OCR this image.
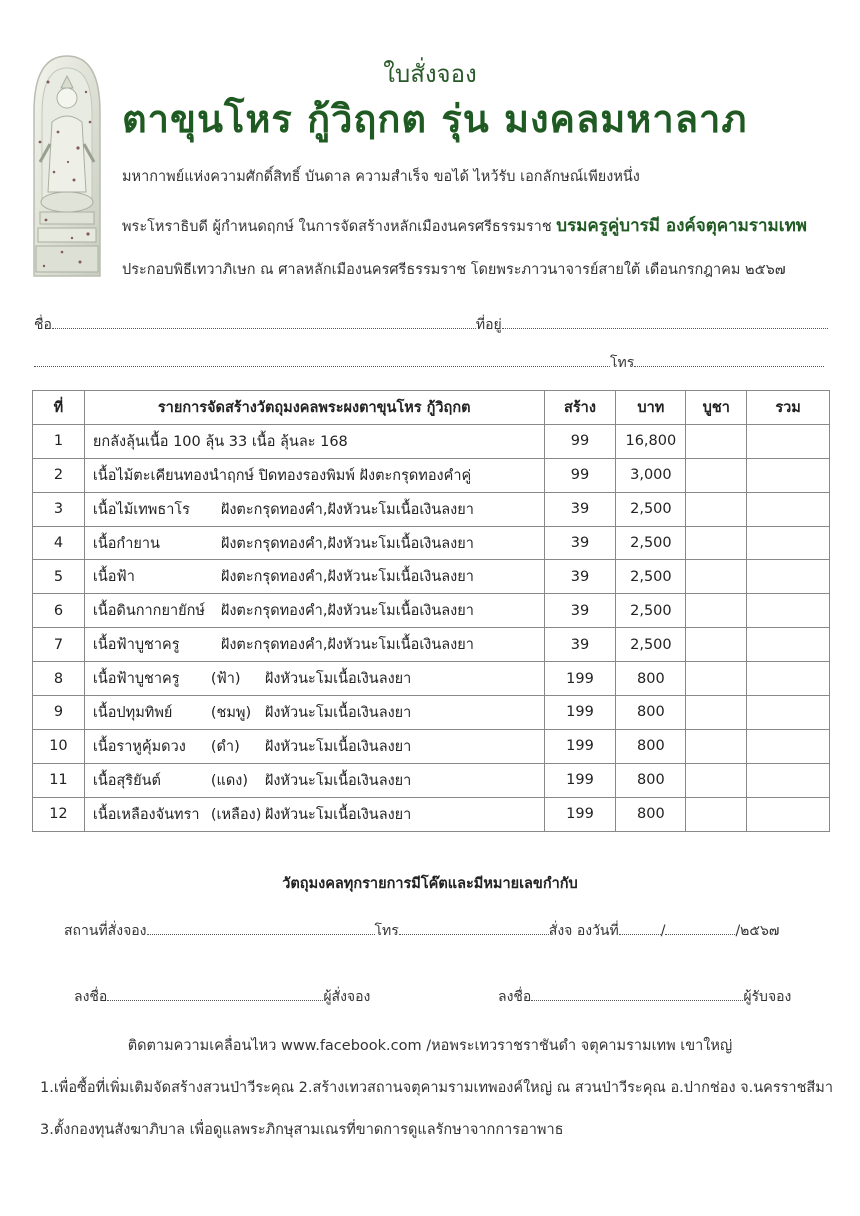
ใบสั่งจอง
ตาขุนโหร กู้วิฤกต รุ่น มงคลมหาลาภ
มหากาพย์แห่งความศักดิ์สิทธิ์ บันดาล ความสำเร็จ ขอได้ ไหว้รับ เอกลักษณ์เพียงหนึ่ง
พระโหราธิบดี ผู้กำหนดฤกษ์ ในการจัดสร้างหลักเมืองนครศรีธรรมราช บรมครูคู่บารมี องค์จตุคามรามเทพ
ประกอบพิธีเทวาภิเษก ณ ศาลหลักเมืองนครศรีธรรมราช โดยพระภาวนาจารย์สายใต้ เดือนกรกฎาคม ๒๕๖๗
ชื่อ	ที่อยู่
โทร
ที่	รายการจัดสร้างวัตถุมงคลพระผงตาขุนโหร กู้วิฤกต	สร้าง	บาท	บูชา	รวม
1	ยกลังลุ้นเนื้อ 100 ลุ้น 33 เนื้อ ลุ้นละ 168	99	16,800		
2	เนื้อไม้ตะเคียนทองนำฤกษ์ ปิดทองรองพิมพ์ ฝังตะกรุดทองคำคู่	99	3,000		
3	เนื้อไม้เทพธาโร ฝังตะกรุดทองคำ,ฝังหัวนะโมเนื้อเงินลงยา	39	2,500		
4	เนื้อกำยาน ฝังตะกรุดทองคำ,ฝังหัวนะโมเนื้อเงินลงยา	39	2,500		
5	เนื้อฟ้า ฝังตะกรุดทองคำ,ฝังหัวนะโมเนื้อเงินลงยา	39	2,500		
6	เนื้อดินกากยายักษ์ ฝังตะกรุดทองคำ,ฝังหัวนะโมเนื้อเงินลงยา	39	2,500		
7	เนื้อฟ้าบูชาครู ฝังตะกรุดทองคำ,ฝังหัวนะโมเนื้อเงินลงยา	39	2,500		
8	เนื้อฟ้าบูชาครู (ฟ้า) ฝังหัวนะโมเนื้อเงินลงยา	199	800		
9	เนื้อปทุมทิพย์ (ชมพู) ฝังหัวนะโมเนื้อเงินลงยา	199	800		
10	เนื้อราหูคุ้มดวง (ดำ) ฝังหัวนะโมเนื้อเงินลงยา	199	800		
11	เนื้อสุริยันต์ (แดง) ฝังหัวนะโมเนื้อเงินลงยา	199	800		
12	เนื้อเหลืองจันทรา (เหลือง) ฝังหัวนะโมเนื้อเงินลงยา	199	800		
วัตถุมงคลทุกรายการมีโค๊ตและมีหมายเลขกำกับ
สถานที่สั่งจอง	โทร	สั่งจ องวันที่	/	/๒๕๖๗
ลงชื่อ	ผู้สั่งจอง	ลงชื่อ	ผู้รับจอง
ติดตามความเคลื่อนไหว www.facebook.com /หอพระเทวราชราชันดำ จตุคามรามเทพ เขาใหญ่
1.เพื่อซื้อที่เพิ่มเติมจัดสร้างสวนป่าวีระคุณ 2.สร้างเทวสถานจตุคามรามเทพองค์ใหญ่ ณ สวนป่าวีระคุณ อ.ปากช่อง จ.นครราชสีมา
3.ตั้งกองทุนสังฆาภิบาล เพื่อดูแลพระภิกษุสามเณรที่ขาดการดูแลรักษาจากการอาพาธ
